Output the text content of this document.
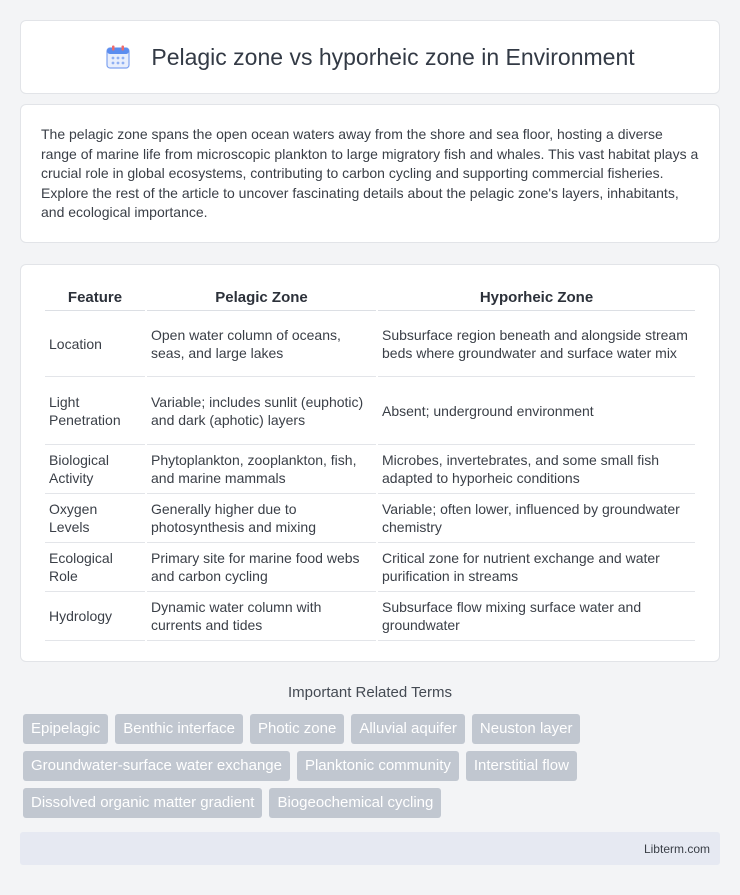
Pelagic zone vs hyporheic zone in Environment

The pelagic zone spans the open ocean waters away from the shore and sea floor, hosting a diverse range of marine life from microscopic plankton to large migratory fish and whales. This vast habitat plays a crucial role in global ecosystems, contributing to carbon cycling and supporting commercial fisheries. Explore the rest of the article to uncover fascinating details about the pelagic zone's layers, inhabitants, and ecological importance.

Feature	Pelagic Zone	Hyporheic Zone
Location	Open water column of oceans, seas, and large lakes	Subsurface region beneath and alongside stream beds where groundwater and surface water mix
Light Penetration	Variable; includes sunlit (euphotic) and dark (aphotic) layers	Absent; underground environment
Biological Activity	Phytoplankton, zooplankton, fish, and marine mammals	Microbes, invertebrates, and some small fish adapted to hyporheic conditions
Oxygen Levels	Generally higher due to photosynthesis and mixing	Variable; often lower, influenced by groundwater chemistry
Ecological Role	Primary site for marine food webs and carbon cycling	Critical zone for nutrient exchange and water purification in streams
Hydrology	Dynamic water column with currents and tides	Subsurface flow mixing surface water and groundwater
Important Related Terms
Epipelagic	Benthic interface	Photic zone	Alluvial aquifer	Neuston layer
Groundwater-surface water exchange	Planktonic community	Interstitial flow
Dissolved organic matter gradient	Biogeochemical cycling
Libterm.com
